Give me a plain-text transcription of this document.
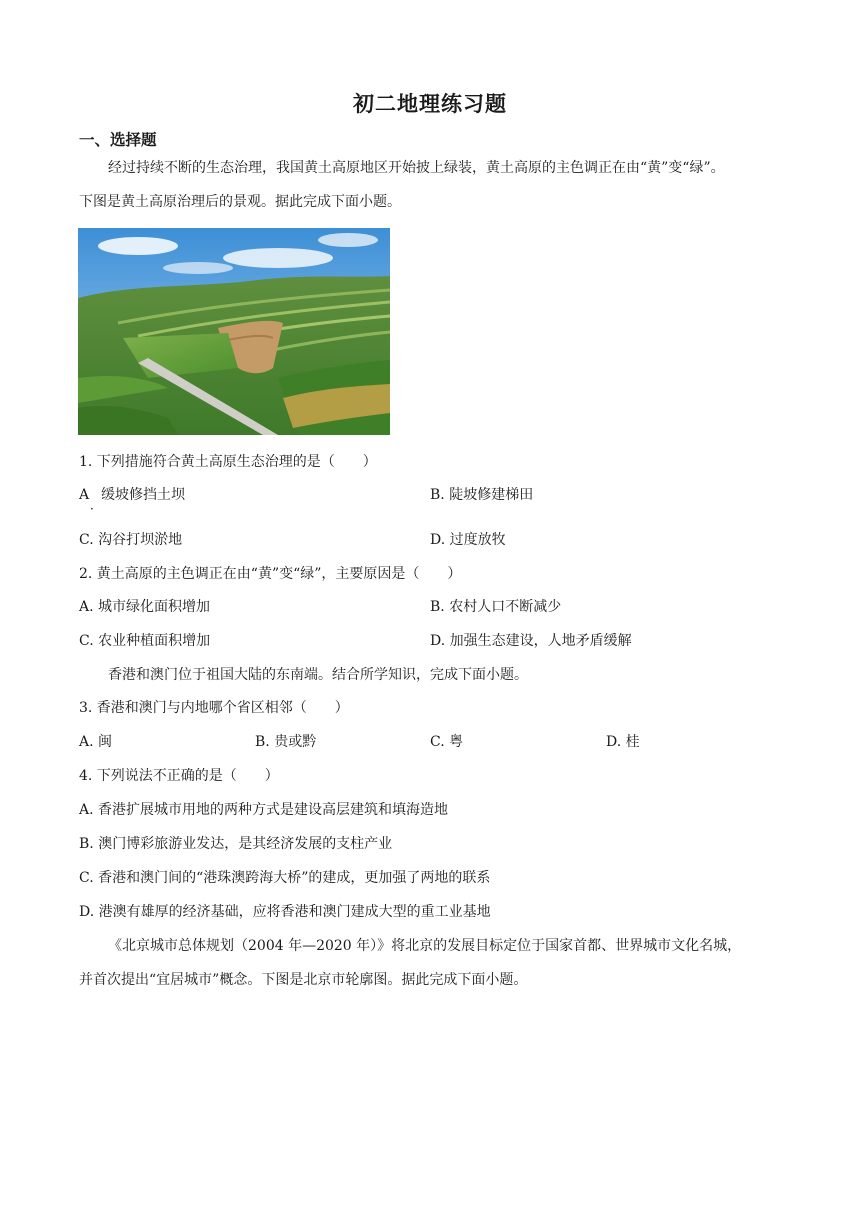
初二地理练习题
一、选择题
经过持续不断的生态治理，我国黄土高原地区开始披上绿装，黄土高原的主色调正在由“黄”变“绿”。
下图是黄土高原治理后的景观。据此完成下面小题。
1. 下列措施符合黄土高原生态治理的是（　　）
A
·
缓坡修挡土坝	B. 陡坡修建梯田
C. 沟谷打坝淤地	D. 过度放牧
2. 黄土高原的主色调正在由“黄”变“绿”，主要原因是（　　）
A. 城市绿化面积增加	B. 农村人口不断减少
C. 农业种植面积增加	D. 加强生态建设，人地矛盾缓解
香港和澳门位于祖国大陆的东南端。结合所学知识，完成下面小题。
3. 香港和澳门与内地哪个省区相邻（　　）
A. 闽	B. 贵或黔	C. 粤	D. 桂
4. 下列说法不正确的是（　　）
A. 香港扩展城市用地的两种方式是建设高层建筑和填海造地
B. 澳门博彩旅游业发达，是其经济发展的支柱产业
C. 香港和澳门间的“港珠澳跨海大桥”的建成，更加强了两地的联系
D. 港澳有雄厚的经济基础，应将香港和澳门建成大型的重工业基地
《北京城市总体规划（2004 年—2020 年）》将北京的发展目标定位于国家首都、世界城市文化名城，
并首次提出“宜居城市”概念。下图是北京市轮廓图。据此完成下面小题。
